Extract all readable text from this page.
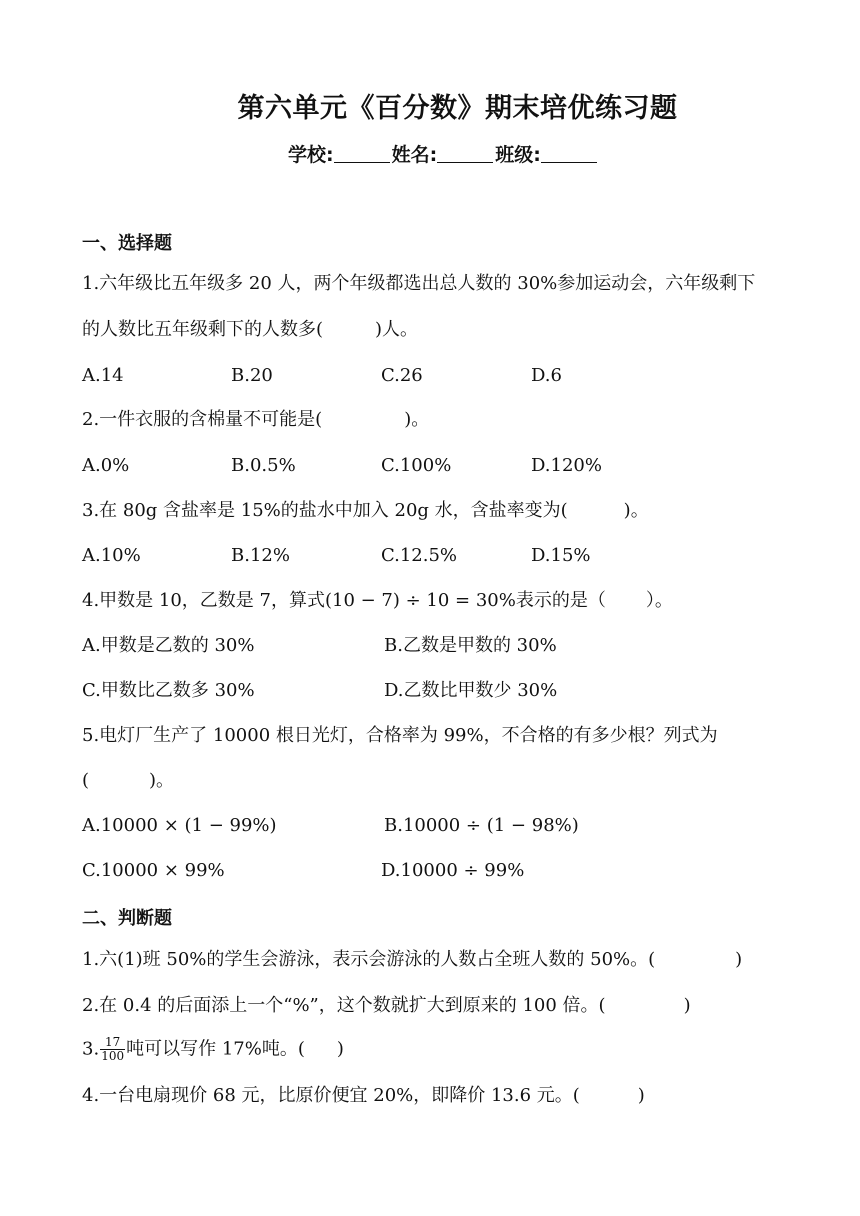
第六单元《百分数》期末培优练习题
学校:	姓名:	班级:
一、选择题
1.六年级比五年级多 20 人，两个年级都选出总人数的 30%参加运动会，六年级剩下
的人数比五年级剩下的人数多(	)人。
A.14	B.20	C.26	D.6
2.一件衣服的含棉量不可能是(	)。
A.0%	B.0.5%	C.100%	D.120%
3.在 80g 含盐率是 15%的盐水中加入 20g 水，含盐率变为(	)。
A.10%	B.12%	C.12.5%	D.15%
4.甲数是 10，乙数是 7，算式(10 − 7) ÷ 10 = 30%表示的是（ ）。
A.甲数是乙数的 30%	B.乙数是甲数的 30%
C.甲数比乙数多 30%	D.乙数比甲数少 30%
5.电灯厂生产了 10000 根日光灯，合格率为 99%，不合格的有多少根？列式为
(	)。
A.10000 × (1 − 99%)	B.10000 ÷ (1 − 98%)
C.10000 × 99%	D.10000 ÷ 99%
二、判断题
1.六(1)班 50%的学生会游泳，表示会游泳的人数占全班人数的 50%。(	)
2.在 0.4 的后面添上一个“%”，这个数就扩大到原来的 100 倍。(	)
3. $\frac{17}{100}$ 吨可以写作 17%吨。( )
4.一台电扇现价 68 元，比原价便宜 20%，即降价 13.6 元。(	)
